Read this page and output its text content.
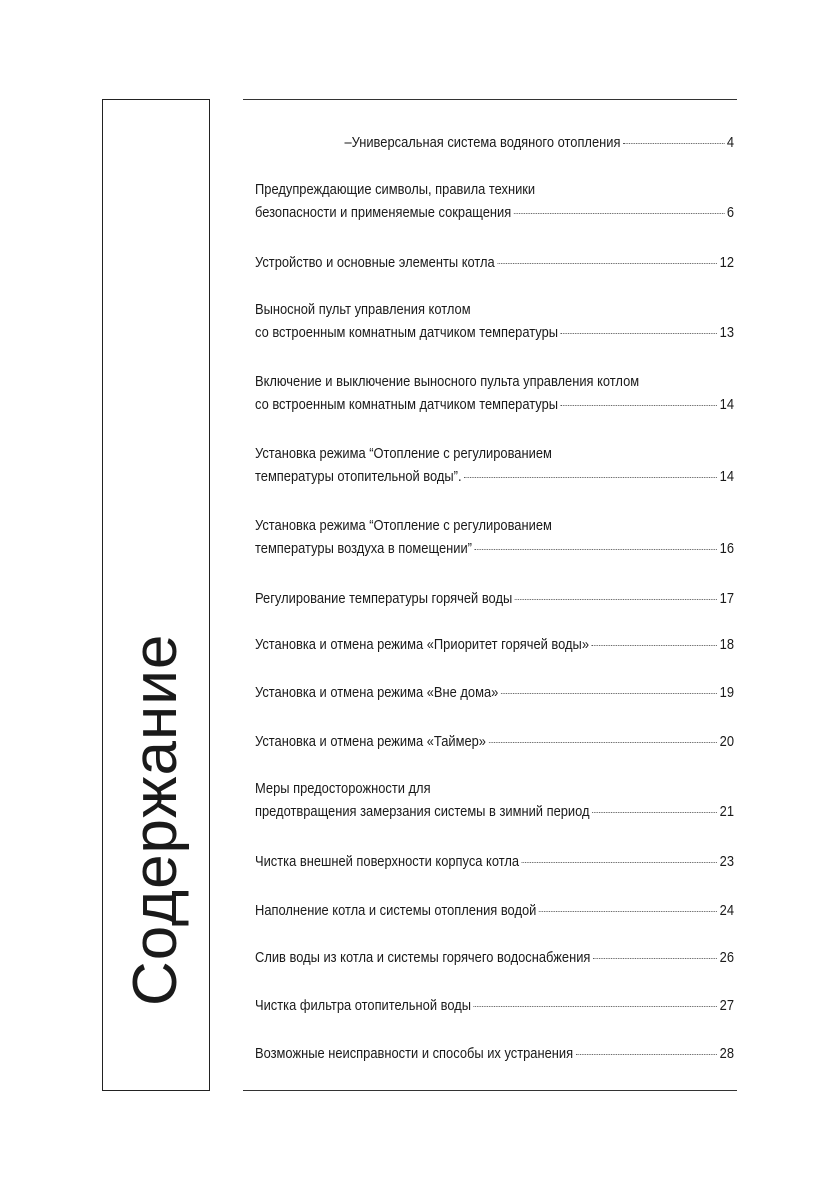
Содержание
–Универсальная система водяного отопления	4
Предупреждающие символы, правила техники
безопасности и применяемые сокращения	6
Устройство и основные элементы котла	12
Выносной пульт управления котлом
со встроенным комнатным датчиком температуры	13
Включение и выключение выносного пульта управления котлом
со встроенным комнатным датчиком температуры	14
Установка режима “Отопление с регулированием
температуры отопительной воды”.	14
Установка режима “Отопление с регулированием
температуры воздуха в помещении”	16
Регулирование температуры горячей воды	17
Установка и отмена режима «Приоритет горячей воды»	18
Установка и отмена режима «Вне дома»	19
Установка и отмена режима «Таймер»	20
Меры предосторожности для
предотвращения замерзания системы в зимний период	21
Чистка внешней поверхности корпуса котла	23
Наполнение котла и системы отопления водой	24
Слив воды из котла и системы горячего водоснабжения	26
Чистка фильтра отопительной воды	27
Возможные неисправности и способы их устранения	28
